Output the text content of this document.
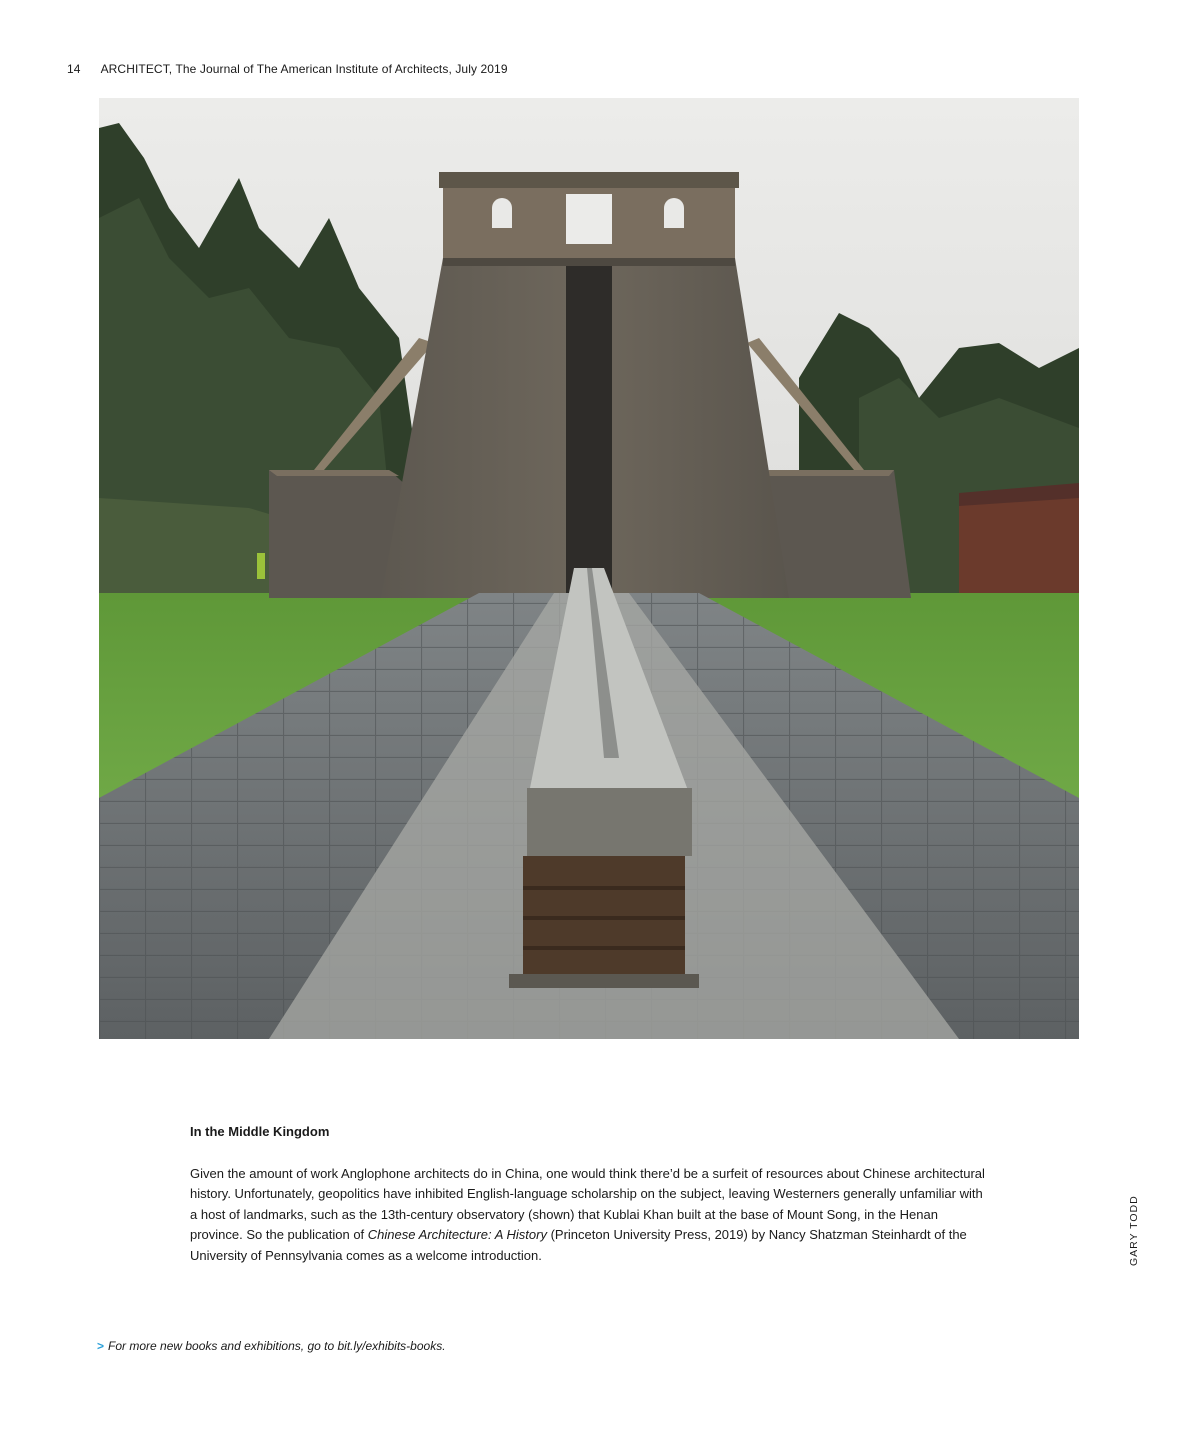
14 ARCHITECT, The Journal of The American Institute of Architects, July 2019
GARY TODD
In the Middle Kingdom

Given the amount of work Anglophone architects do in China, one would think there’d be a surfeit of resources about Chinese architectural history. Unfortunately, geopolitics have inhibited English-language scholarship on the subject, leaving Westerners generally unfamiliar with a host of landmarks, such as the 13th-century observatory (shown) that Kublai Khan built at the base of Mount Song, in the Henan province. So the publication of Chinese Architecture: A History (Princeton University Press, 2019) by Nancy Shatzman Steinhardt of the University of Pennsylvania comes as a welcome introduction.

> For more new books and exhibitions, go to bit.ly/exhibits-books.
